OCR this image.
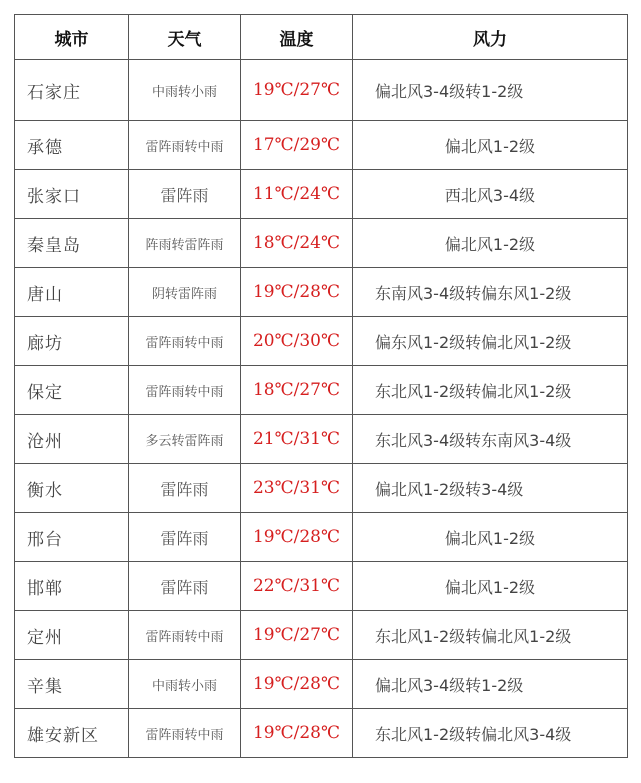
城市	天气	温度	风力
石家庄	中雨转小雨	19℃/27℃	偏北风3-4级转1-2级
承德	雷阵雨转中雨	17℃/29℃	偏北风1-2级
张家口	雷阵雨	11℃/24℃	西北风3-4级
秦皇岛	阵雨转雷阵雨	18℃/24℃	偏北风1-2级
唐山	阴转雷阵雨	19℃/28℃	东南风3-4级转偏东风1-2级
廊坊	雷阵雨转中雨	20℃/30℃	偏东风1-2级转偏北风1-2级
保定	雷阵雨转中雨	18℃/27℃	东北风1-2级转偏北风1-2级
沧州	多云转雷阵雨	21℃/31℃	东北风3-4级转东南风3-4级
衡水	雷阵雨	23℃/31℃	偏北风1-2级转3-4级
邢台	雷阵雨	19℃/28℃	偏北风1-2级
邯郸	雷阵雨	22℃/31℃	偏北风1-2级
定州	雷阵雨转中雨	19℃/27℃	东北风1-2级转偏北风1-2级
辛集	中雨转小雨	19℃/28℃	偏北风3-4级转1-2级
雄安新区	雷阵雨转中雨	19℃/28℃	东北风1-2级转偏北风3-4级
